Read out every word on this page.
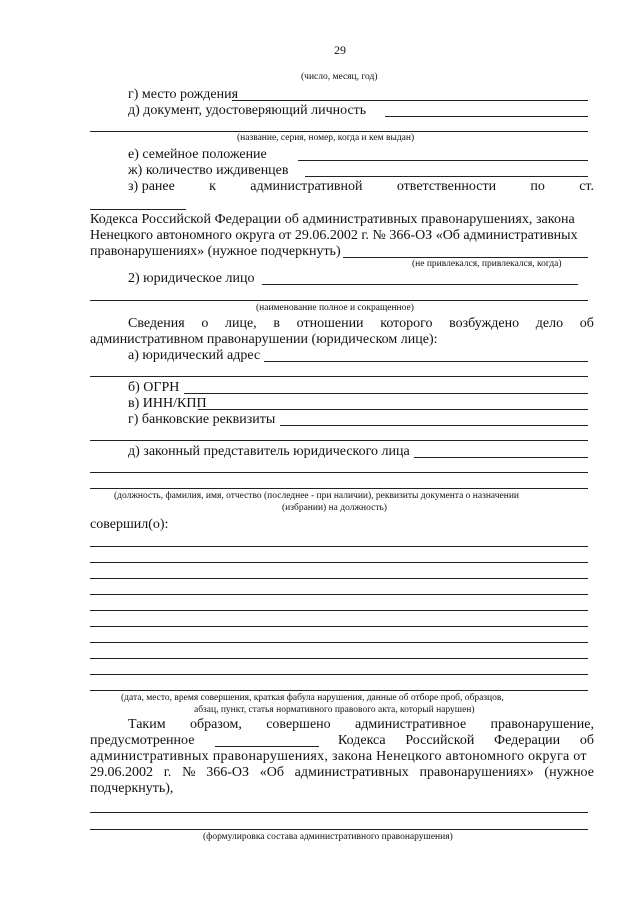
29
(число, месяц, год)
г) место рождения
д) документ, удостоверяющий личность
(название, серия, номер, когда и кем выдан)
е) семейное положение
ж) количество иждивенцев
з) ранее к административной ответственности по ст.
Кодекса Российской Федерации об административных правонарушениях, закона
Ненецкого автономного округа от 29.06.2002 г. № 366-ОЗ «Об административных
правонарушениях» (нужное подчеркнуть)
(не привлекался, привлекался, когда)
2) юридическое лицо
(наименование полное и сокращенное)
Сведения о лице, в отношении которого возбуждено дело об
административном правонарушении (юридическом лице):
а) юридический адрес
б) ОГРН
в) ИНН/КПП
г) банковские реквизиты
д) законный представитель юридического лица
(должность, фамилия, имя, отчество (последнее - при наличии), реквизиты документа о назначении
(избрании) на должность)
совершил(о):
(дата, место, время совершения, краткая фабула нарушения, данные об отборе проб, образцов,
абзац, пункт, статья нормативного правового акта, который нарушен)
Таким образом, совершено административное правонарушение,
предусмотренное	Кодекса Российской Федерации об
административных правонарушениях, закона Ненецкого автономного округа от
29.06.2002 г. № 366-ОЗ «Об административных правонарушениях» (нужное
подчеркнуть),
(формулировка состава административного правонарушения)
